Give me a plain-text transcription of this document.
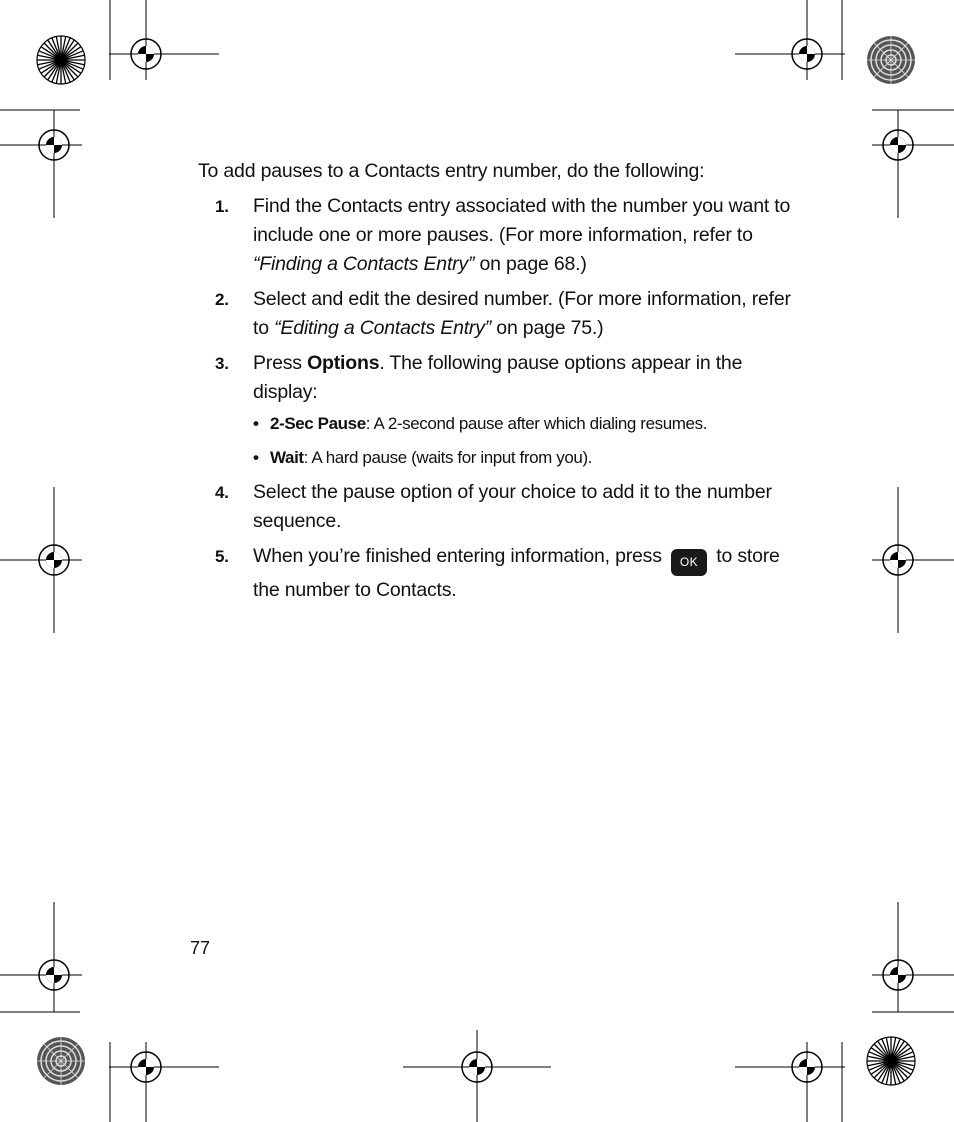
To add pauses to a Contacts entry number, do the following:

1. Find the Contacts entry associated with the number you want to include one or more pauses. (For more information, refer to “Finding a Contacts Entry” on page 68.)
2. Select and edit the desired number. (For more information, refer to “Editing a Contacts Entry” on page 75.)
3. Press Options. The following pause options appear in the display:
• 2-Sec Pause: A 2-second pause after which dialing resumes.
• Wait: A hard pause (waits for input from you).
4. Select the pause option of your choice to add it to the number sequence.
5. When you’re finished entering information, press OK to store the number to Contacts.
77
